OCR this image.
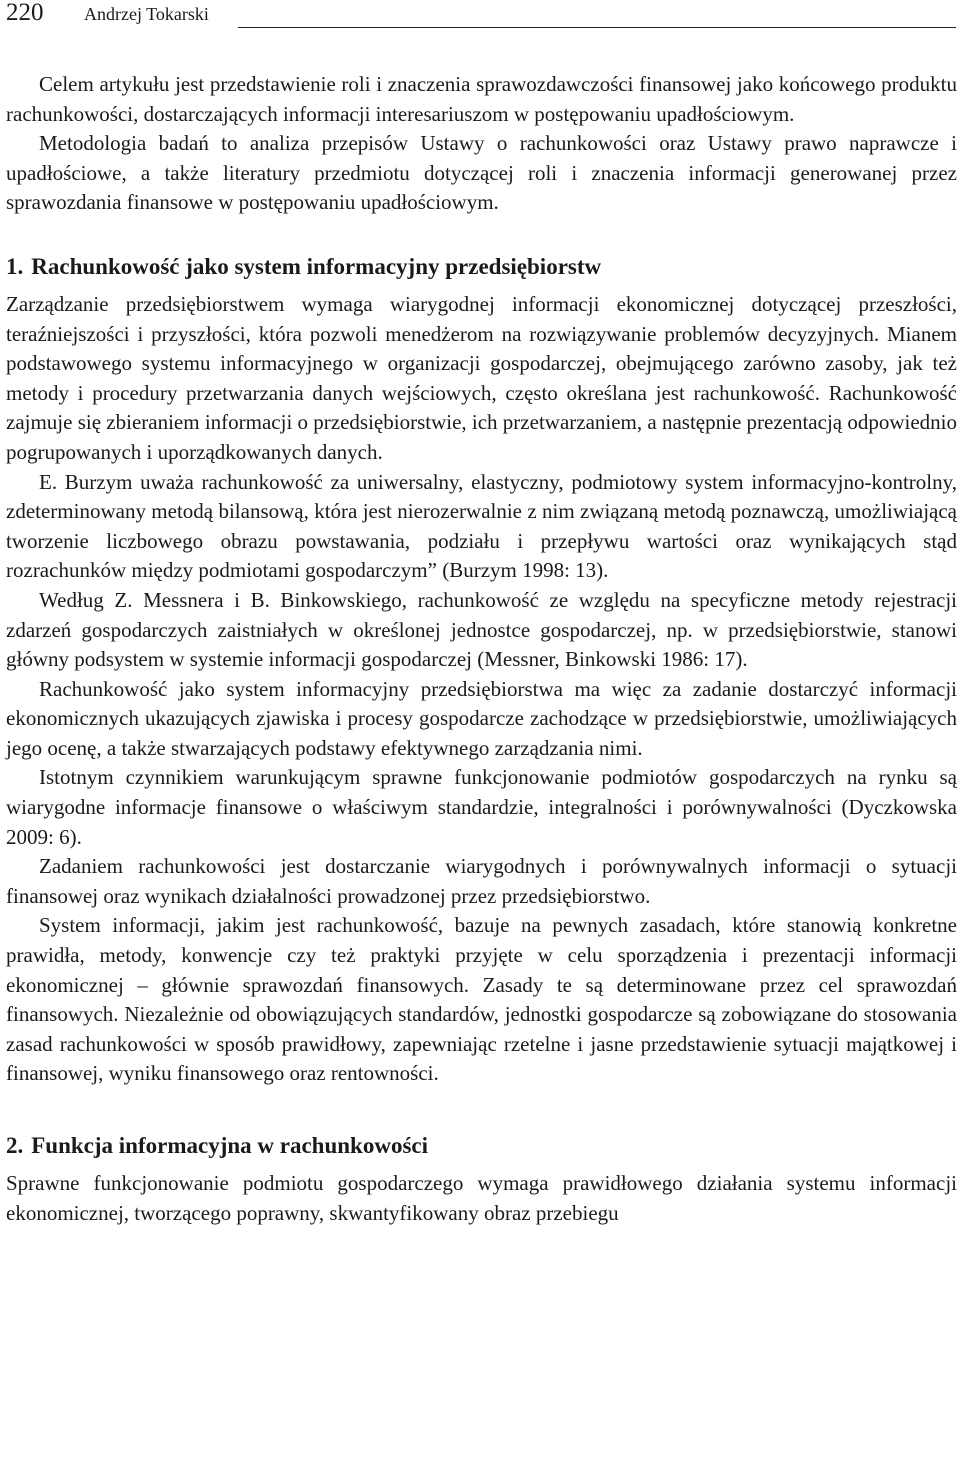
220 Andrzej Tokarski

Celem artykułu jest przedstawienie roli i znaczenia sprawozdawczości finansowej jako końcowego produktu rachunkowości, dostarczających informacji interesariuszom w postępowaniu upadłościowym.

Metodologia badań to analiza przepisów Ustawy o rachunkowości oraz Ustawy prawo naprawcze i upadłościowe, a także literatury przedmiotu dotyczącej roli i znaczenia informacji generowanej przez sprawozdania finansowe w postępowaniu upadłościowym.

1. Rachunkowość jako system informacyjny przedsiębiorstw

Zarządzanie przedsiębiorstwem wymaga wiarygodnej informacji ekonomicznej dotyczącej przeszłości, teraźniejszości i przyszłości, która pozwoli menedżerom na rozwiązywanie problemów decyzyjnych. Mianem podstawowego systemu informacyjnego w organizacji gospodarczej, obejmującego zarówno zasoby, jak też metody i procedury przetwarzania danych wejściowych, często określana jest rachunkowość. Rachunkowość zajmuje się zbieraniem informacji o przedsiębiorstwie, ich przetwarzaniem, a następnie prezentacją odpowiednio pogrupowanych i uporządkowanych danych.

E. Burzym uważa rachunkowość za uniwersalny, elastyczny, podmiotowy system informacyjno-kontrolny, zdeterminowany metodą bilansową, która jest nierozerwalnie z nim związaną metodą poznawczą, umożliwiającą tworzenie liczbowego obrazu powstawania, podziału i przepływu wartości oraz wynikających stąd rozrachunków między podmiotami gospodarczym” (Burzym 1998: 13).

Według Z. Messnera i B. Binkowskiego, rachunkowość ze względu na specyficzne metody rejestracji zdarzeń gospodarczych zaistniałych w określonej jednostce gospodarczej, np. w przedsiębiorstwie, stanowi główny podsystem w systemie informacji gospodarczej (Messner, Binkowski 1986: 17).

Rachunkowość jako system informacyjny przedsiębiorstwa ma więc za zadanie dostarczyć informacji ekonomicznych ukazujących zjawiska i procesy gospodarcze zachodzące w przedsiębiorstwie, umożliwiających jego ocenę, a także stwarzających podstawy efektywnego zarządzania nimi.

Istotnym czynnikiem warunkującym sprawne funkcjonowanie podmiotów gospodarczych na rynku są wiarygodne informacje finansowe o właściwym standardzie, integralności i porównywalności (Dyczkowska 2009: 6).

Zadaniem rachunkowości jest dostarczanie wiarygodnych i porównywalnych informacji o sytuacji finansowej oraz wynikach działalności prowadzonej przez przedsiębiorstwo.

System informacji, jakim jest rachunkowość, bazuje na pewnych zasadach, które stanowią konkretne prawidła, metody, konwencje czy też praktyki przyjęte w celu sporządzenia i prezentacji informacji ekonomicznej – głównie sprawozdań finansowych. Zasady te są determinowane przez cel sprawozdań finansowych. Niezależnie od obowiązujących standardów, jednostki gospodarcze są zobowiązane do stosowania zasad rachunkowości w sposób prawidłowy, zapewniając rzetelne i jasne przedstawienie sytuacji majątkowej i finansowej, wyniku finansowego oraz rentowności.

2. Funkcja informacyjna w rachunkowości

Sprawne funkcjonowanie podmiotu gospodarczego wymaga prawidłowego działania systemu informacji ekonomicznej, tworzącego poprawny, skwantyfikowany obraz przebiegu
